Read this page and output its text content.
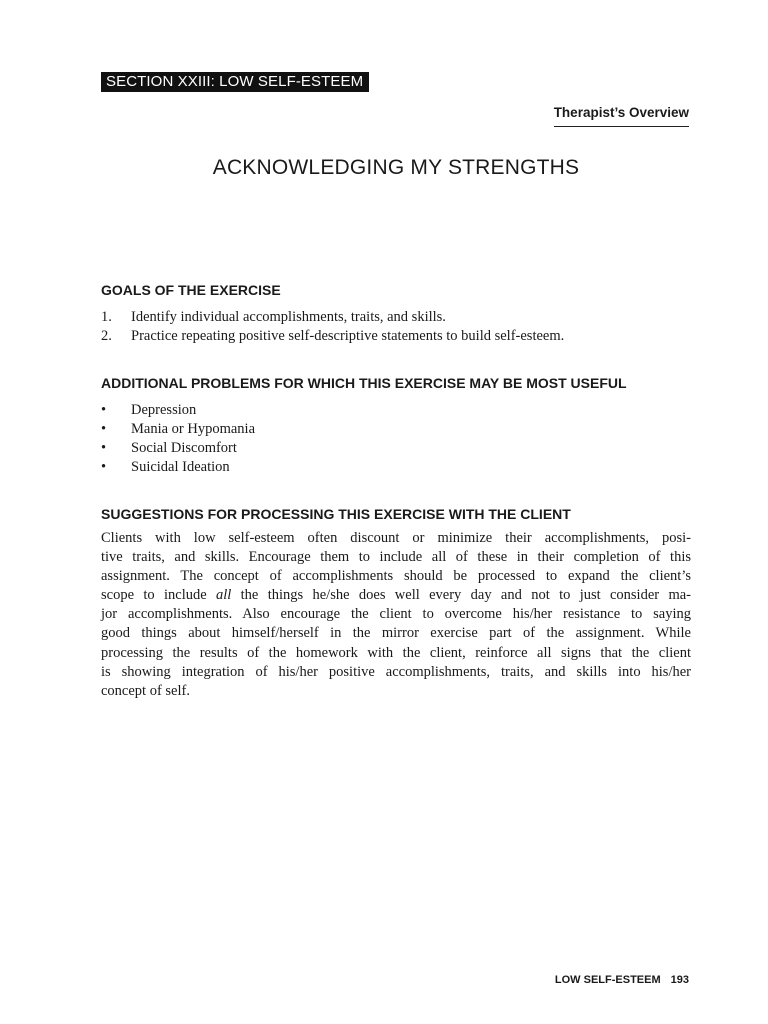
SECTION XXIII: LOW SELF-ESTEEM
Therapist’s Overview
ACKNOWLEDGING MY STRENGTHS
GOALS OF THE EXERCISE
1. Identify individual accomplishments, traits, and skills.
2. Practice repeating positive self-descriptive statements to build self-esteem.
ADDITIONAL PROBLEMS FOR WHICH THIS EXERCISE MAY BE MOST USEFUL
• Depression
• Mania or Hypomania
• Social Discomfort
• Suicidal Ideation
SUGGESTIONS FOR PROCESSING THIS EXERCISE WITH THE CLIENT

Clients with low self-esteem often discount or minimize their accomplishments, posi-
tive traits, and skills. Encourage them to include all of these in their completion of this
assignment. The concept of accomplishments should be processed to expand the client’s
scope to include all the things he/she does well every day and not to just consider ma-
jor accomplishments. Also encourage the client to overcome his/her resistance to saying
good things about himself/herself in the mirror exercise part of the assignment. While
processing the results of the homework with the client, reinforce all signs that the client
is showing integration of his/her positive accomplishments, traits, and skills into his/her
concept of self.

LOW SELF-ESTEEM 193
